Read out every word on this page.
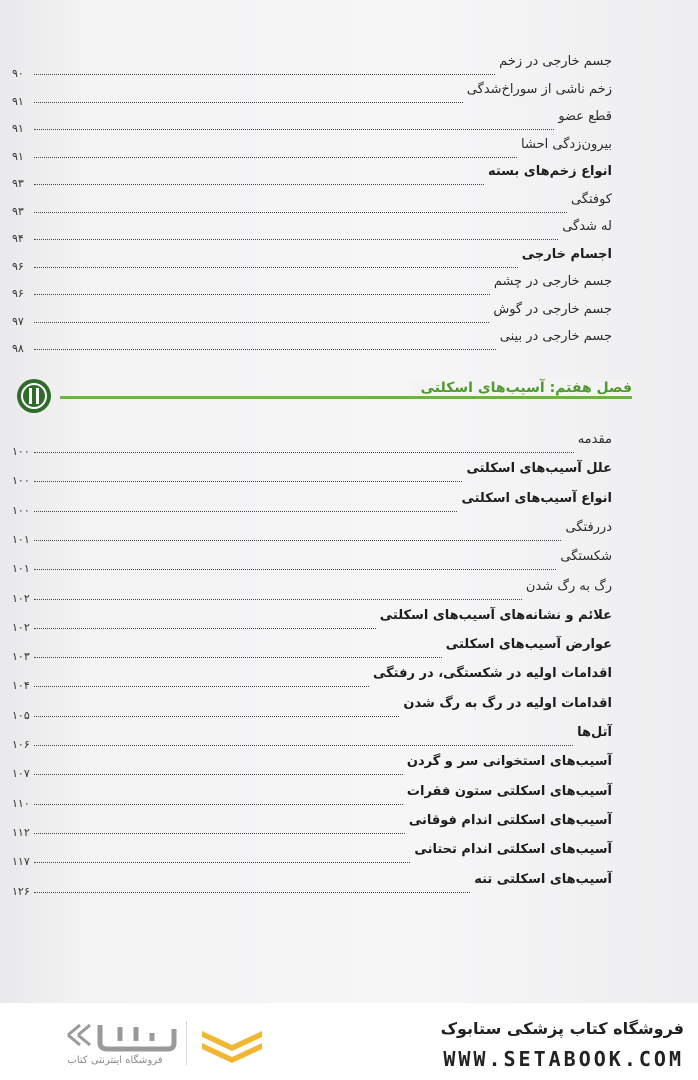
جسم خارجی در زخم
۹۰
زخم ناشی از سوراخ‌شدگی
۹۱
قطع عضو
۹۱
بیرون‌زدگی احشا
۹۱
انواع زخم‌های بسته
۹۳
کوفتگی
۹۳
له شدگی
۹۴
اجسام خارجی
۹۶
جسم خارجی در چشم
۹۶
جسم خارجی در گوش
۹۷
جسم خارجی در بینی
۹۸
فصل هفتم: آسیب‌های اسکلتی
مقدمه
۱۰۰
علل آسیب‌های اسکلتی
۱۰۰
انواع آسیب‌های اسکلتی
۱۰۰
دررفتگی
۱۰۱
شکستگی
۱۰۱
رگ به رگ شدن
۱۰۲
علائم و نشانه‌های آسیب‌های اسکلتی
۱۰۲
عوارض آسیب‌های اسکلتی
۱۰۳
اقدامات اولیه در شکستگی، در رفتگی
۱۰۴
اقدامات اولیه در رگ به رگ شدن
۱۰۵
آتل‌ها
۱۰۶
آسیب‌های استخوانی سر و گردن
۱۰۷
آسیب‌های اسکلتی ستون فقرات
۱۱۰
آسیب‌های اسکلتی اندام فوقانی
۱۱۲
آسیب‌های اسکلتی اندام تحتانی
۱۱۷
آسیب‌های اسکلتی تنه
۱۲۶
فروشگاه کتاب پزشکی ستابوک
WWW.SETABOOK.COM
فروشگاه اینترنتی کتاب
